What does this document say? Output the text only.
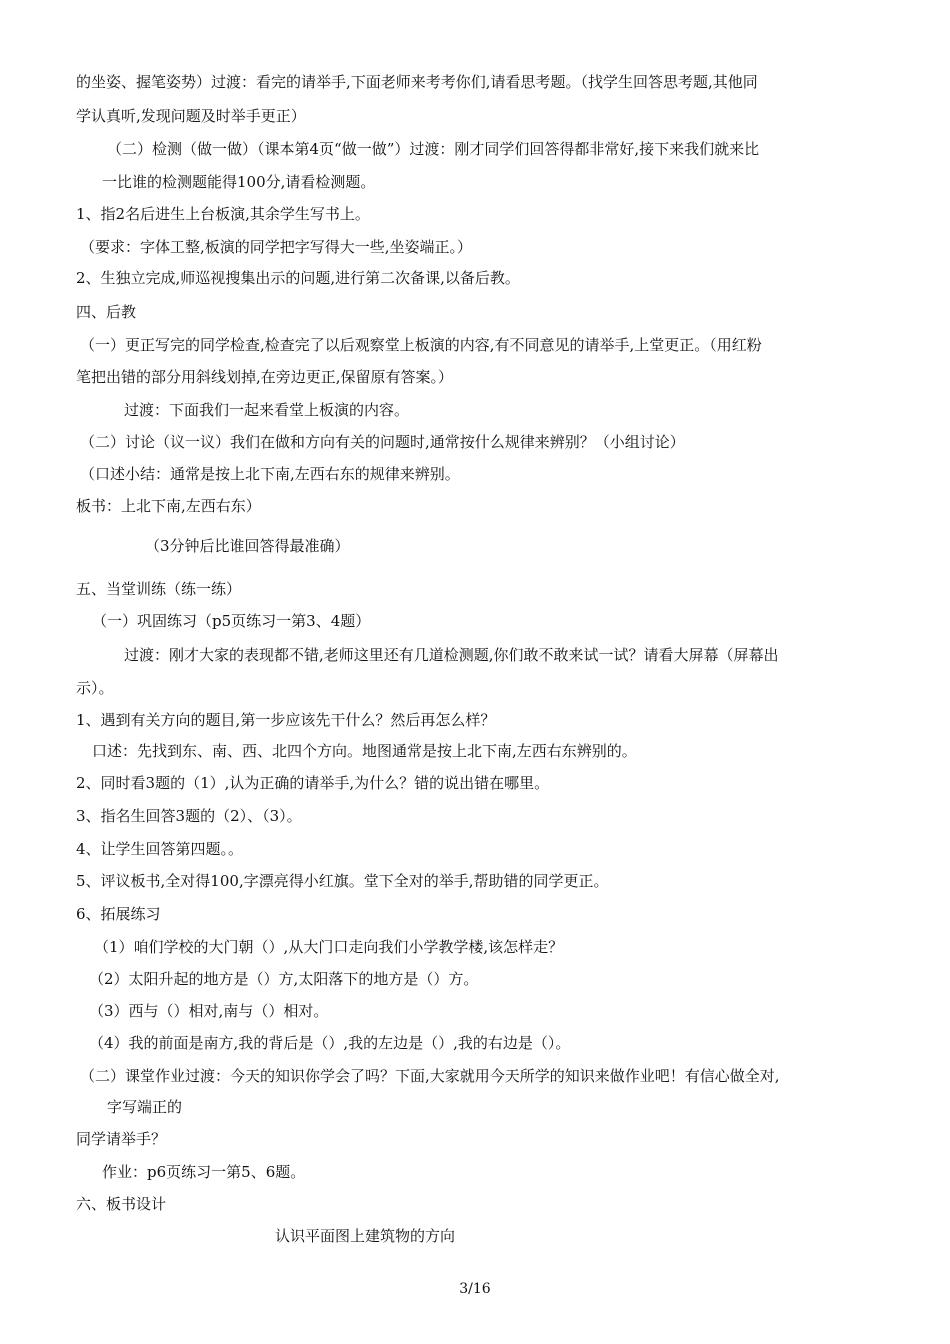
的坐姿、握笔姿势）过渡：看完的请举手,下面老师来考考你们,请看思考题。（找学生回答思考题,其他同
学认真听,发现问题及时举手更正）
（二）检测（做一做）（课本第4页“做一做”）过渡：刚才同学们回答得都非常好,接下来我们就来比
一比谁的检测题能得100分,请看检测题。
1、指2名后进生上台板演,其余学生写书上。
（要求：字体工整,板演的同学把字写得大一些,坐姿端正。）
2、生独立完成,师巡视搜集出示的问题,进行第二次备课,以备后教。
四、后教
（一）更正写完的同学检查,检查完了以后观察堂上板演的内容,有不同意见的请举手,上堂更正。（用红粉
笔把出错的部分用斜线划掉,在旁边更正,保留原有答案。）
过渡：下面我们一起来看堂上板演的内容。
（二）讨论（议一议）我们在做和方向有关的问题时,通常按什么规律来辨别？（小组讨论）
（口述小结：通常是按上北下南,左西右东的规律来辨别。
板书：上北下南,左西右东）
（3分钟后比谁回答得最准确）
五、当堂训练（练一练）
（一）巩固练习（p5页练习一第3、4题）
过渡：刚才大家的表现都不错,老师这里还有几道检测题,你们敢不敢来试一试？请看大屏幕（屏幕出
示）。
1、遇到有关方向的题目,第一步应该先干什么？然后再怎么样？
口述：先找到东、南、西、北四个方向。地图通常是按上北下南,左西右东辨别的。
2、同时看3题的（1）,认为正确的请举手,为什么？错的说出错在哪里。
3、指名生回答3题的（2）、（3）。
4、让学生回答第四题。。
5、评议板书,全对得100,字漂亮得小红旗。堂下全对的举手,帮助错的同学更正。
6、拓展练习
（1）咱们学校的大门朝（）,从大门口走向我们小学教学楼,该怎样走？
（2）太阳升起的地方是（）方,太阳落下的地方是（）方。
（3）西与（）相对,南与（）相对。
（4）我的前面是南方,我的背后是（）,我的左边是（）,我的右边是（）。
（二）课堂作业过渡：今天的知识你学会了吗？下面,大家就用今天所学的知识来做作业吧！有信心做全对,
字写端正的
同学请举手？
作业：p6页练习一第5、6题。
六、板书设计
认识平面图上建筑物的方向
3/16
